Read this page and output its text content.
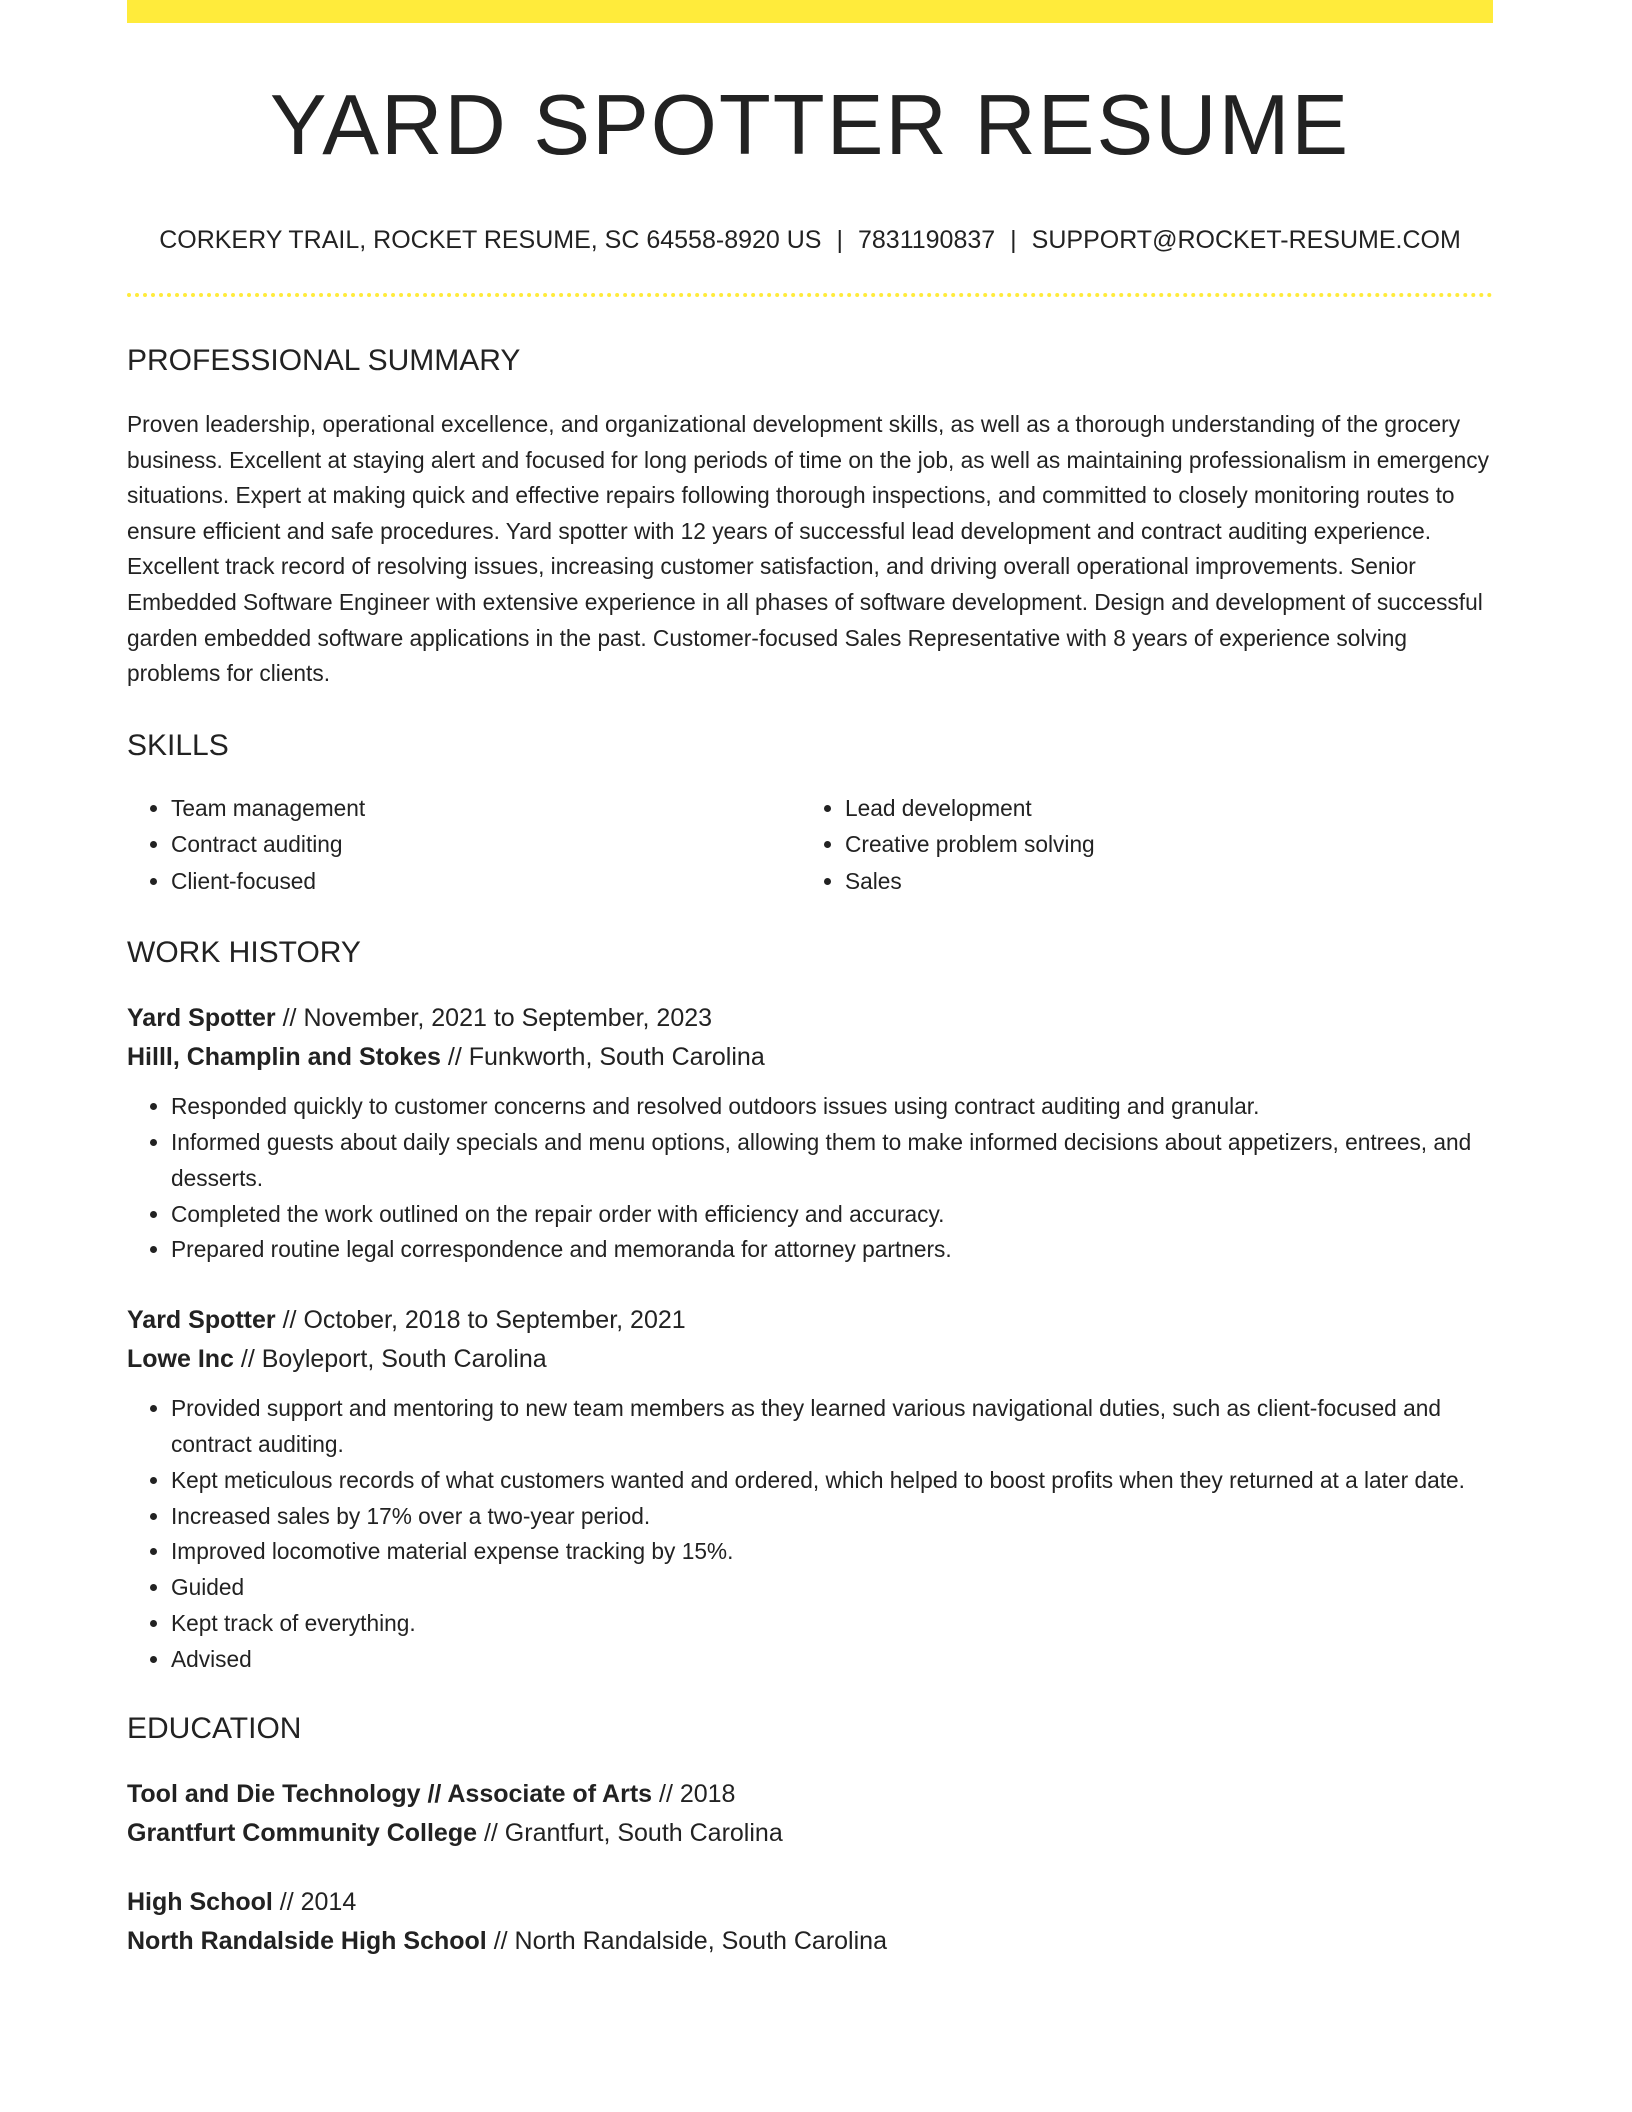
YARD SPOTTER RESUME
CORKERY TRAIL, ROCKET RESUME, SC 64558-8920 US | 7831190837 | SUPPORT@ROCKET-RESUME.COM
PROFESSIONAL SUMMARY
Proven leadership, operational excellence, and organizational development skills, as well as a thorough understanding of the grocery business. Excellent at staying alert and focused for long periods of time on the job, as well as maintaining professionalism in emergency situations. Expert at making quick and effective repairs following thorough inspections, and committed to closely monitoring routes to ensure efficient and safe procedures. Yard spotter with 12 years of successful lead development and contract auditing experience. Excellent track record of resolving issues, increasing customer satisfaction, and driving overall operational improvements. Senior Embedded Software Engineer with extensive experience in all phases of software development. Design and development of successful garden embedded software applications in the past. Customer-focused Sales Representative with 8 years of experience solving problems for clients.
SKILLS
• Team management
• Contract auditing
• Client-focused
• Lead development
• Creative problem solving
• Sales
WORK HISTORY
Yard Spotter // November, 2021 to September, 2023
Hilll, Champlin and Stokes // Funkworth, South Carolina
• Responded quickly to customer concerns and resolved outdoors issues using contract auditing and granular.
• Informed guests about daily specials and menu options, allowing them to make informed decisions about appetizers, entrees, and desserts.
• Completed the work outlined on the repair order with efficiency and accuracy.
• Prepared routine legal correspondence and memoranda for attorney partners.
Yard Spotter // October, 2018 to September, 2021
Lowe Inc // Boyleport, South Carolina
• Provided support and mentoring to new team members as they learned various navigational duties, such as client-focused and contract auditing.
• Kept meticulous records of what customers wanted and ordered, which helped to boost profits when they returned at a later date.
• Increased sales by 17% over a two-year period.
• Improved locomotive material expense tracking by 15%.
• Guided
• Kept track of everything.
• Advised
EDUCATION
Tool and Die Technology // Associate of Arts // 2018
Grantfurt Community College // Grantfurt, South Carolina
High School // 2014
North Randalside High School // North Randalside, South Carolina
